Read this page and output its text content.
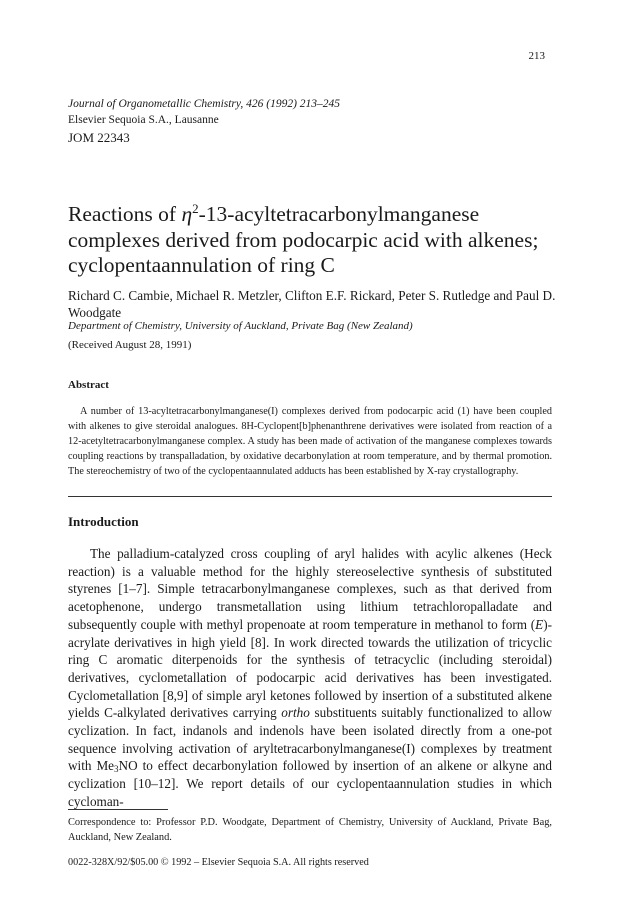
213
Journal of Organometallic Chemistry, 426 (1992) 213–245
Elsevier Sequoia S.A., Lausanne
JOM 22343
Reactions of $\eta^2-13$-acyltetracarbonylmanganese complexes derived from podocarpic acid with alkenes; cyclopentaannulation of ring C
Richard C. Cambie, Michael R. Metzler, Clifton E.F. Rickard, Peter S. Rutledge and Paul D. Woodgate
Department of Chemistry, University of Auckland, Private Bag (New Zealand)
(Received August 28, 1991)
Abstract
A number of 13-acyltetracarbonylmanganese(I) complexes derived from podocarpic acid (1) have been coupled with alkenes to give steroidal analogues. 8H-Cyclopent[b]phenanthrene derivatives were isolated from reaction of a 12-acetyltetracarbonylmanganese complex. A study has been made of activation of the manganese complexes towards coupling reactions by transpalladation, by oxidative decarbonylation at room temperature, and by thermal promotion. The stereochemistry of two of the cyclopentaannulated adducts has been established by X-ray crystallography.
Introduction
The palladium-catalyzed cross coupling of aryl halides with acylic alkenes (Heck reaction) is a valuable method for the highly stereoselective synthesis of substituted styrenes [1–7]. Simple tetracarbonylmanganese complexes, such as that derived from acetophenone, undergo transmetallation using lithium tetrachloropalladate and subsequently couple with methyl propenoate at room temperature in methanol to form (E)-acrylate derivatives in high yield [8]. In work directed towards the utilization of tricyclic ring C aromatic diterpenoids for the synthesis of tetracyclic (including steroidal) derivatives, cyclometallation of podocarpic acid derivatives has been investigated. Cyclometallation [8,9] of simple aryl ketones followed by insertion of a substituted alkene yields C-alkylated derivatives carrying ortho substituents suitably functionalized to allow cyclization. In fact, indanols and indenols have been isolated directly from a one-pot sequence involving activation of aryltetracarbonylmanganese(I) complexes by treatment with $Me_3NO$ to effect decarbonylation followed by insertion of an alkene or alkyne and cyclization [10–12]. We report details of our cyclopentaannulation studies in which cycloman-
Correspondence to: Professor P.D. Woodgate, Department of Chemistry, University of Auckland, Private Bag, Auckland, New Zealand.
0022-328X/92/$05.00 © 1992 – Elsevier Sequoia S.A. All rights reserved
